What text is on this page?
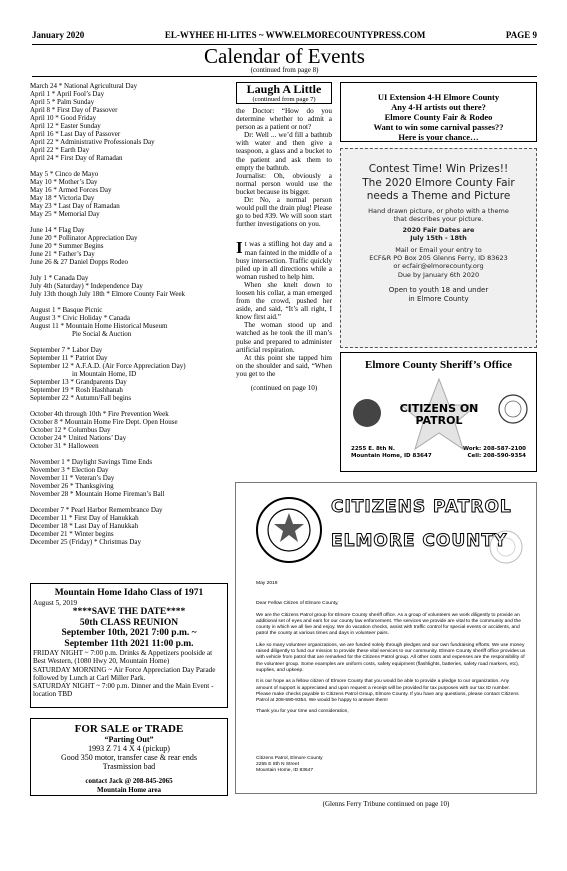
January 2020	EL-WYHEE HI-LITES ~ WWW.ELMORECOUNTYPRESS.COM	PAGE 9
Calendar of Events
(continued from page 8)
March 24 * National Agricultural Day
April 1 * April Fool’s Day
April 5 * Palm Sunday
April 8 * First Day of Passover
April 10 * Good Friday
April 12 * Easter Sunday
April 16 * Last Day of Passover
April 22 * Administrative Professionals Day
April 22 * Earth Day
April 24 * First Day of Ramadan
May 5 * Cinco de Mayo
May 10 * Mother’s Day
May 16 * Armed Forces Day
May 18 * Victoria Day
May 23 * Last Day of Ramadan
May 25 * Memorial Day
June 14 * Flag Day
June 20 * Pollinator Appreciation Day
June 20 * Summer Begins
June 21 * Father’s Day
June 26 & 27 Daniel Dopps Rodeo
July 1 * Canada Day
July 4th (Saturday) * Independence Day
July 13th though July 18th * Elmore County Fair Week
August 1 * Basque Picnic
August 3 * Civic Holiday * Canada
August 11 * Mountain Home Historical Museum
Pie Social & Auction
September 7 * Labor Day
September 11 * Patriot Day
September 12 * A.F.A.D. (Air Force Appreciation Day)
in Mountain Home, ID
September 13 * Grandparents Day
September 19 * Rosh Hashhanah
September 22 * Autumn/Fall begins
October 4th through 10th * Fire Prevention Week
October 8 * Mountain Home Fire Dept. Open House
October 12 * Columbus Day
October 24 * United Nations’ Day
October 31 * Halloween
November 1 * Daylight Savings Time Ends
November 3 * Election Day
November 11 * Veteran’s Day
November 26 * Thanksgiving
November 28 * Mountain Home Fireman’s Ball
December 7 * Pearl Harbor Remembrance Day
December 11 * First Day of Hanukkah
December 18 * Last Day of Hanukkah
December 21 * Winter begins
December 25 (Friday) * Christmas Day
Laugh A Little
(continued from page 7)

the Doctor: “How do you determine whether to admit a person as a patient or not?

Dr: Well ... we’d fill a bathtub with water and then give a teaspoon, a glass and a bucket to the patient and ask them to empty the bathtub.

Journalist: Oh, obviously a normal person would use the bucket because its bigger.

Dr: No, a normal person would pull the drain plug! Please go to bed #39. We will soon start further investigations on you.

It was a stifling hot day and a man fainted in the middle of a busy intersection. Traffic quickly piled up in all directions while a woman rushed to help him.

When she knelt down to loosen his collar, a man emerged from the crowd, pushed her aside, and said, “It’s all right, I know first aid.”

The woman stood up and watched as he took the ill man’s pulse and prepared to administer artificial respiration.

At this point she tapped him on the shoulder and said, “When you get to the

(continued on page 10)
UI Extension 4-H Elmore County
Any 4-H artists out there?
Elmore County Fair & Rodeo
Want to win some carnival passes??
Here is your chance…
Contest Time! Win Prizes!!
The 2020 Elmore County Fair needs a Theme and Picture
Hand drawn picture, or photo with a theme that describes your picture.
2020 Fair Dates are
July 15th - 18th
Mail or Email your entry to
ECF&R PO Box 205 Glenns Ferry, ID 83623
or ecfair@elmorecounty.org
Due by January 6th 2020
Open to youth 18 and under
in Elmore County
Elmore County Sheriff’s Office
CITIZENS ON
PATROL
2255 E. 8th N.
Mountain Home, ID 83647
Work: 208-587-2100
Cell: 208-590-9354
CITIZENS PATROL
ELMORE COUNTY

May 2019

Dear Fellow Citizen of Elmore County,

We are the Citizens Patrol group for Elmore County sheriff office. As a group of volunteers we work diligently to provide an additional set of eyes and ears for our county law enforcement. The services we provide are vital to the community and the county in which we all live and enjoy. We do vacation checks, assist with traffic control for special events or accidents, and patrol the county at various times and days in volunteer pairs.

Like so many volunteer organizations, we are funded solely through pledges and our own fundraising efforts. We use money raised diligently to fund our mission to provide these vital services to our community. Elmore County sheriff office provides us with vehicle from patrol that are remarked for the Citizens Patrol group. All other costs and expenses are the responsibility of the volunteer group. Some examples are uniform costs, safety equipment (flashlights, batteries, safety road markers, etc), supplies, and upkeep.

It is our hope as a fellow citizen of Elmore County that you would be able to provide a pledge to our organization. Any amount of support is appreciated and upon request a receipt will be provided for tax purposes with our tax ID number. Please make checks payable to Citizens Patrol Group, Elmore County. If you have any questions, please contact Citizens Patrol at 208-590-9354. We would be happy to answer them!

Thank you for your time and consideration,

Citizens Patrol, Elmore County
2255 E 8th N Street
Mountain Home, ID 83647
(Glenns Ferry Tribune continued on page 10)
Mountain Home Idaho Class of 1971
August 5, 2019
****SAVE THE DATE****
50th CLASS REUNION
September 10th, 2021 7:00 p.m. ~
September 11th 2021 11:00 p.m.
FRIDAY NIGHT ~ 7:00 p.m. Drinks & Appetizers poolside at Best Western, (1080 Hwy 20, Mountain Home)
SATURDAY MORNING ~ Air Force Appreciation Day Parade followed by Lunch at Carl Miller Park.
SATURDAY NIGHT ~ 7:00 p.m. Dinner and the Main Event - location TBD
FOR SALE or TRADE
“Parting Out”
1993 Z 71 4 X 4 (pickup)
Good 350 motor, transfer case & rear ends
Trasmission bad
contact Jack @ 208-845-2065
Mountain Home area
